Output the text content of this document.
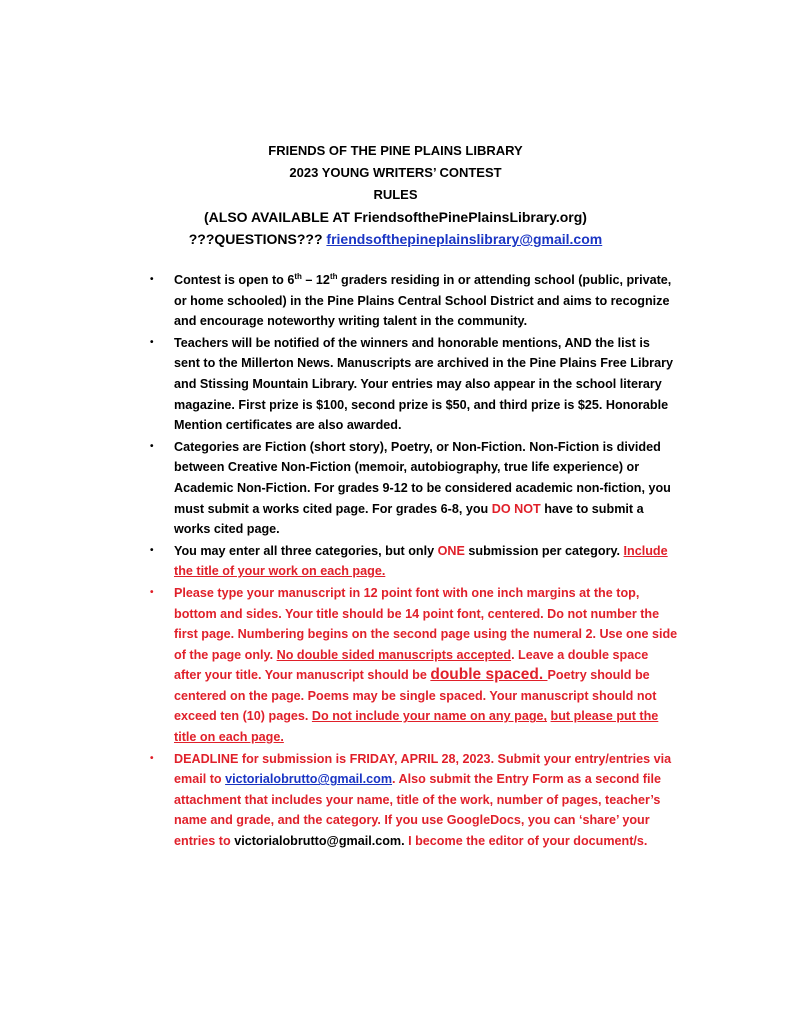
FRIENDS OF THE PINE PLAINS LIBRARY
2023 YOUNG WRITERS’ CONTEST
RULES
(ALSO AVAILABLE AT FriendsofthePinePlainsLibrary.org)
???QUESTIONS??? friendsofthepineplainslibrary@gmail.com
• Contest is open to 6th – 12th graders residing in or attending school (public, private, or home schooled) in the Pine Plains Central School District and aims to recognize and encourage noteworthy writing talent in the community.
• Teachers will be notified of the winners and honorable mentions, AND the list is sent to the Millerton News. Manuscripts are archived in the Pine Plains Free Library and Stissing Mountain Library. Your entries may also appear in the school literary magazine. First prize is $100, second prize is $50, and third prize is $25. Honorable Mention certificates are also awarded.
• Categories are Fiction (short story), Poetry, or Non-Fiction. Non-Fiction is divided between Creative Non-Fiction (memoir, autobiography, true life experience) or Academic Non-Fiction. For grades 9-12 to be considered academic non-fiction, you must submit a works cited page. For grades 6-8, you DO NOT have to submit a works cited page.
• You may enter all three categories, but only ONE submission per category. Include the title of your work on each page.
• Please type your manuscript in 12 point font with one inch margins at the top, bottom and sides. Your title should be 14 point font, centered. Do not number the first page. Numbering begins on the second page using the numeral 2. Use one side of the page only. No double sided manuscripts accepted. Leave a double space after your title. Your manuscript should be double spaced. Poetry should be centered on the page. Poems may be single spaced. Your manuscript should not exceed ten (10) pages. Do not include your name on any page, but please put the title on each page.
• DEADLINE for submission is FRIDAY, APRIL 28, 2023. Submit your entry/entries via email to victorialobrutto@gmail.com. Also submit the Entry Form as a second file attachment that includes your name, title of the work, number of pages, teacher’s name and grade, and the category. If you use GoogleDocs, you can ‘share’ your entries to victorialobrutto@gmail.com. I become the editor of your document/s.
